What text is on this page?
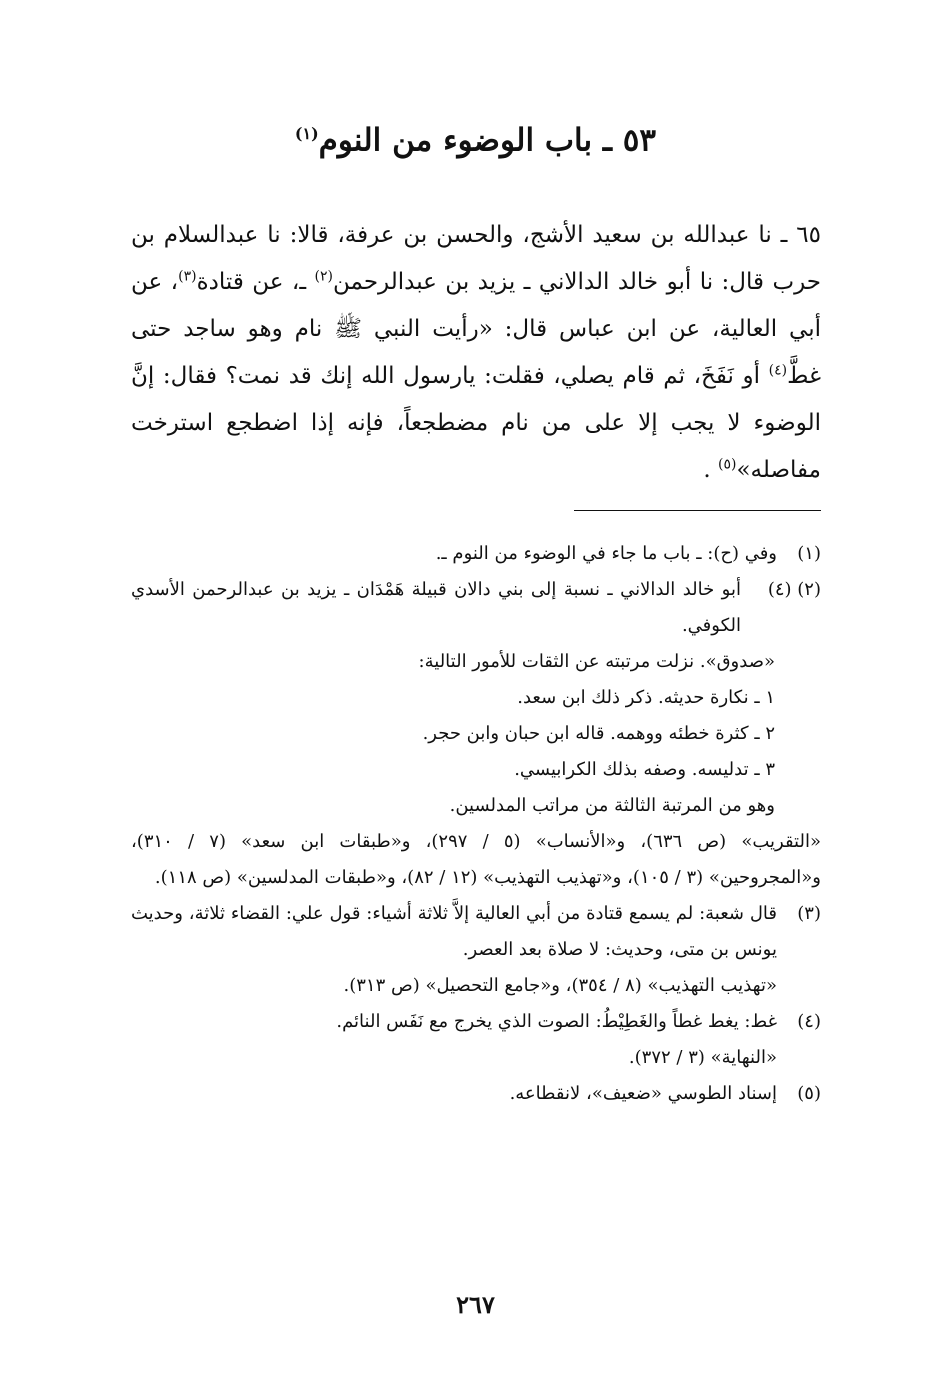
٥٣ ـ باب الوضوء من النوم$^{(١)}$

٦٥ ـ نا عبدالله بن سعيد الأشج، والحسن بن عرفة، قالا: نا عبدالسلام بن حرب قال: نا أبو خالد الدالاني ـ يزيد بن عبدالرحمن$^{(٢)}$ ـ، عن قتادة$^{(٣)}$، عن أبي العالية، عن ابن عباس قال: «رأيت النبي ﷺ نام وهو ساجد حتى غطَّ$^{(٤)}$ أو نَفَخَ، ثم قام يصلي، فقلت: يارسول الله إنك قد نمت؟ فقال: إنَّ الوضوء لا يجب إلا على من نام مضطجعاً، فإنه إذا اضطجع استرخت مفاصله»$^{(٥)}$ .

(١)
وفي (ح): ـ باب ما جاء في الوضوء من النوم ـ.
(٢) (٤)
أبو خالد الدالاني ـ نسبة إلى بني دالان قبيلة هَمْدَان ـ يزيد بن عبدالرحمن الأسدي الكوفي.
«صدوق». نزلت مرتبته عن الثقات للأمور التالية:
١ ـ نكارة حديثه. ذكر ذلك ابن سعد.
٢ ـ كثرة خطئه ووهمه. قاله ابن حبان وابن حجر.
٣ ـ تدليسه. وصفه بذلك الكرابيسي.
وهو من المرتبة الثالثة من مراتب المدلسين.
«التقريب» (ص ٦٣٦)، و«الأنساب» (٥ / ٢٩٧)، و«طبقات ابن سعد» (٧ / ٣١٠)، و«المجروحين» (٣ / ١٠٥)، و«تهذيب التهذيب» (١٢ / ٨٢)، و«طبقات المدلسين» (ص ١١٨).
(٣)
قال شعبة: لم يسمع قتادة من أبي العالية إلاَّ ثلاثة أشياء: قول علي: القضاء ثلاثة، وحديث يونس بن متى، وحديث: لا صلاة بعد العصر.
«تهذيب التهذيب» (٨ / ٣٥٤)، و«جامع التحصيل» (ص ٣١٣).
(٤)
غط: يغط غطاً والغَطِيْطُ: الصوت الذي يخرج مع نَفَس النائم.
«النهاية» (٣ / ٣٧٢).
(٥)
إسناد الطوسي «ضعيف»، لانقطاعه.
٢٦٧
